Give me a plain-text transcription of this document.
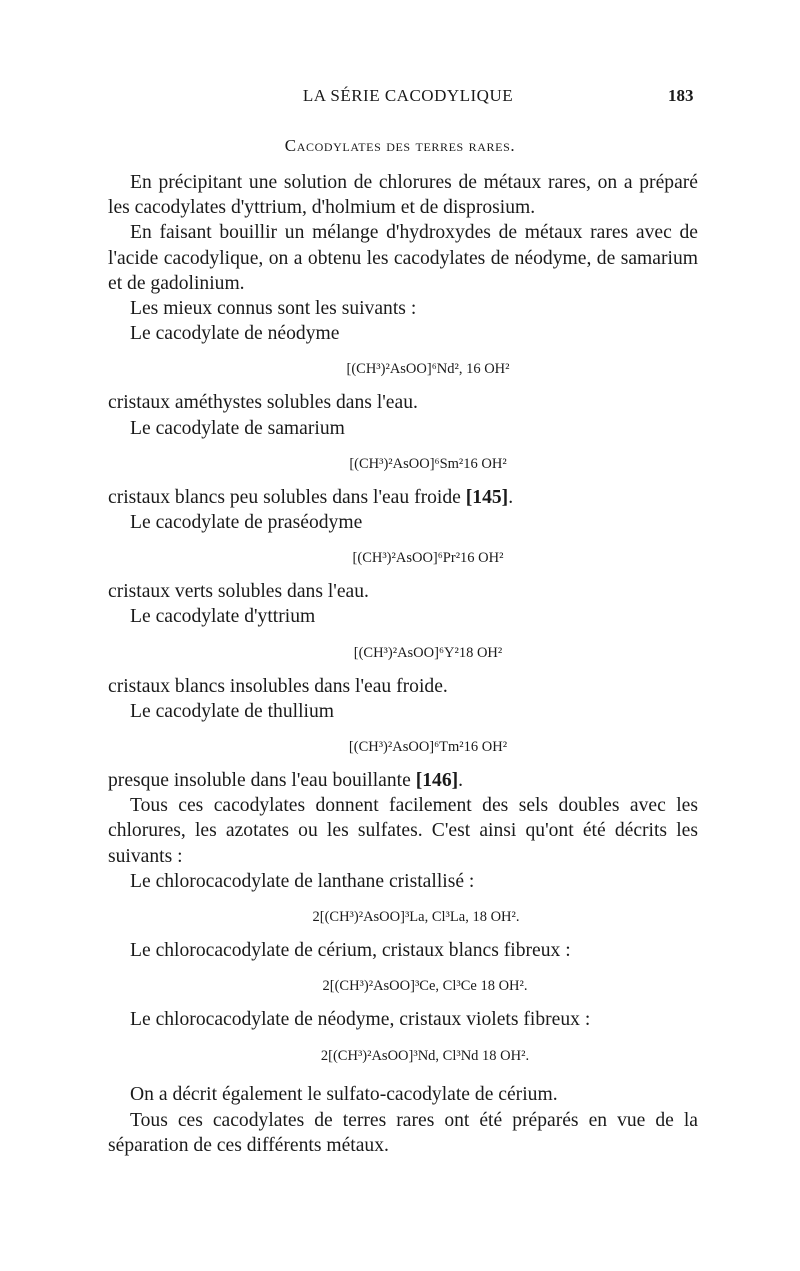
LA SÉRIE CACODYLIQUE	183
Cacodylates des terres rares.

En précipitant une solution de chlorures de métaux rares, on a préparé les cacodylates d'yttrium, d'holmium et de disprosium.

En faisant bouillir un mélange d'hydroxydes de métaux rares avec de l'acide cacodylique, on a obtenu les cacodylates de néodyme, de samarium et de gadolinium.

Les mieux connus sont les suivants :

Le cacodylate de néodyme

[(CH³)²AsOO]⁶Nd², 16 OH²

cristaux améthystes solubles dans l'eau.

Le cacodylate de samarium

[(CH³)²AsOO]⁶Sm²16 OH²

cristaux blancs peu solubles dans l'eau froide [145].

Le cacodylate de praséodyme

[(CH³)²AsOO]⁶Pr²16 OH²

cristaux verts solubles dans l'eau.

Le cacodylate d'yttrium

[(CH³)²AsOO]⁶Y²18 OH²

cristaux blancs insolubles dans l'eau froide.

Le cacodylate de thullium

[(CH³)²AsOO]⁶Tm²16 OH²

presque insoluble dans l'eau bouillante [146].

Tous ces cacodylates donnent facilement des sels doubles avec les chlorures, les azotates ou les sulfates. C'est ainsi qu'ont été décrits les suivants :

Le chlorocacodylate de lanthane cristallisé :

2[(CH³)²AsOO]³La, Cl³La, 18 OH².

Le chlorocacodylate de cérium, cristaux blancs fibreux :

2[(CH³)²AsOO]³Ce, Cl³Ce 18 OH².

Le chlorocacodylate de néodyme, cristaux violets fibreux :

2[(CH³)²AsOO]³Nd, Cl³Nd 18 OH².

On a décrit également le sulfato-cacodylate de cérium.

Tous ces cacodylates de terres rares ont été préparés en vue de la séparation de ces différents métaux.
